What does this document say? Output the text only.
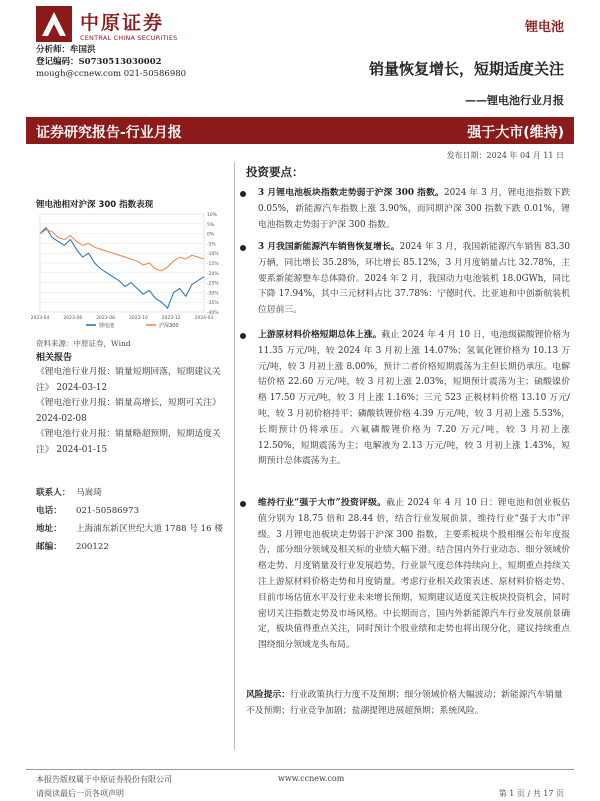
中原证券
CENTRAL CHINA SECURITIES
锂电池
分析师：牟国洪
登记编码：S0730513030002
mough@ccnew.com 021-50586980	销量恢复增长，短期适度关注
——锂电池行业月报
证券研究报告-行业月报	强于大市(维持)
发布日期：2024 年 04 月 11 日
投资要点：
锂电池相对沪深 300 指数表现
10%
5%
0%
-5%
-10%
-15%
-20%
-25%
-30%
-35%
-40%
2023-04	2023-06	2023-08	2023-10	2023-12	2024-03
锂电池	沪深300
资料来源：中原证券，Wind
相关报告
《锂电池行业月报：销量短期回落，短期建议关注》 2024-03-12
《锂电池行业月报：销量高增长，短期可关注》 2024-02-08
《锂电池行业月报：销量略超预期，短期适度关注》 2024-01-15
联系人： 马嵩琦
电话：	021-50586973
地址：	上海浦东新区世纪大道 1788 号 16 楼
邮编：	200122
3 月锂电池板块指数走势弱于沪深 300 指数。2024 年 3 月，锂电池指数下跌 0.05%，新能源汽车指数上涨 3.90%，而同期沪深 300 指数下跌 0.01%，锂电池指数走势弱于沪深 300 指数。
3 月我国新能源汽车销售恢复增长。2024 年 3 月，我国新能源汽车销售 83.30 万辆，同比增长 35.28%，环比增长 85.12%，3 月月度销量占比 32.78%，主要系新能源整车总体降价。2024 年 2 月，我国动力电池装机 18.0GWh，同比下降 17.94%，其中三元材料占比 37.78%：宁德时代、比亚迪和中创新航装机位居前三。
上游原材料价格短期总体上涨。截止 2024 年 4 月 10 日，电池级碳酸锂价格为 11.35 万元/吨，较 2024 年 3 月初上涨 14.07%；氢氧化锂价格为 10.13 万元/吨，较 3 月初上涨 8.00%，预计二者价格短期震荡为主但长期仍承压。电解钴价格 22.60 万元/吨，较 3 月初上涨 2.03%，短期预计震荡为主；硫酸镍价格 17.50 万元/吨，较 3 月上涨 1.16%；三元 523 正极材料价格 13.10 万元/吨，较 3 月初价格持平；磷酸铁锂价格 4.39 万元/吨，较 3 月初上涨 5.53%，长期预计仍将承压。六氟磷酸锂价格为 7.20 万元/吨，较 3 月初上涨 12.50%，短期震荡为主；电解液为 2.13 万元/吨，较 3 月初上涨 1.43%，短期预计总体震荡为主。
维持行业“强于大市”投资评级。截止 2024 年 4 月 10 日：锂电池和创业板估值分别为 18.75 倍和 28.44 倍，结合行业发展前景，维持行业“强于大市”评级。3 月锂电池板块走势弱于沪深 300 指数，主要系板块个股相继公布年度报告，部分细分领域及相关标的业绩大幅下滑。结合国内外行业动态、细分领域价格走势、月度销量及行业发展趋势，行业景气度总体持续向上，短期重点持续关注上游原材料价格走势和月度销量。考虑行业相关政策表述、原材料价格走势、目前市场估值水平及行业未来增长预期，短期建议适度关注板块投资机会，同时密切关注指数走势及市场风格。中长期而言，国内外新能源汽车行业发展前景确定，板块值得重点关注，同时预计个股业绩和走势也将出现分化，建议持续重点围绕细分领域龙头布局。
风险提示：行业政策执行力度不及预期；细分领域价格大幅波动；新能源汽车销量不及预期；行业竞争加剧；盐湖提锂进展超预期；系统风险。
本报告版权属于中原证券股份有限公司
请阅读最后一页各项声明
www.ccnew.com
第 1 页 / 共 17 页
